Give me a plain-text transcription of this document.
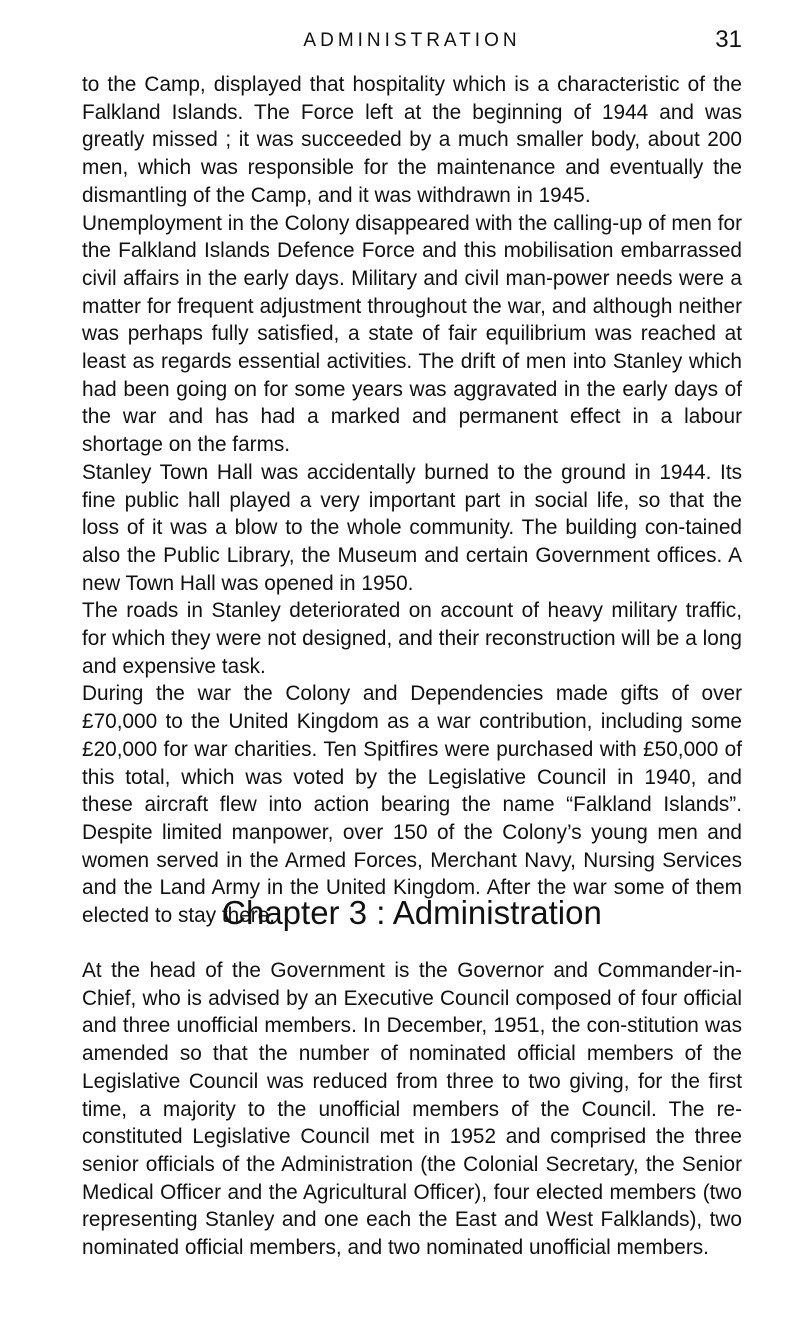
ADMINISTRATION	31

to the Camp, displayed that hospitality which is a characteristic of the Falkland Islands. The Force left at the beginning of 1944 and was greatly missed ; it was succeeded by a much smaller body, about 200 men, which was responsible for the maintenance and eventually the dismantling of the Camp, and it was withdrawn in 1945.

Unemployment in the Colony disappeared with the calling-up of men for the Falkland Islands Defence Force and this mobilisation embarrassed civil affairs in the early days. Military and civil man-power needs were a matter for frequent adjustment throughout the war, and although neither was perhaps fully satisfied, a state of fair equilibrium was reached at least as regards essential activities. The drift of men into Stanley which had been going on for some years was aggravated in the early days of the war and has had a marked and permanent effect in a labour shortage on the farms.

Stanley Town Hall was accidentally burned to the ground in 1944. Its fine public hall played a very important part in social life, so that the loss of it was a blow to the whole community. The building con-tained also the Public Library, the Museum and certain Government offices. A new Town Hall was opened in 1950.

The roads in Stanley deteriorated on account of heavy military traffic, for which they were not designed, and their reconstruction will be a long and expensive task.

During the war the Colony and Dependencies made gifts of over £70,000 to the United Kingdom as a war contribution, including some £20,000 for war charities. Ten Spitfires were purchased with £50,000 of this total, which was voted by the Legislative Council in 1940, and these aircraft flew into action bearing the name “Falkland Islands”. Despite limited manpower, over 150 of the Colony’s young men and women served in the Armed Forces, Merchant Navy, Nursing Services and the Land Army in the United Kingdom. After the war some of them elected to stay there.

Chapter 3 : Administration

At the head of the Government is the Governor and Commander-in-Chief, who is advised by an Executive Council composed of four official and three unofficial members. In December, 1951, the con-stitution was amended so that the number of nominated official members of the Legislative Council was reduced from three to two giving, for the first time, a majority to the unofficial members of the Council. The re-constituted Legislative Council met in 1952 and comprised the three senior officials of the Administration (the Colonial Secretary, the Senior Medical Officer and the Agricultural Officer), four elected members (two representing Stanley and one each the East and West Falklands), two nominated official members, and two nominated unofficial members.
